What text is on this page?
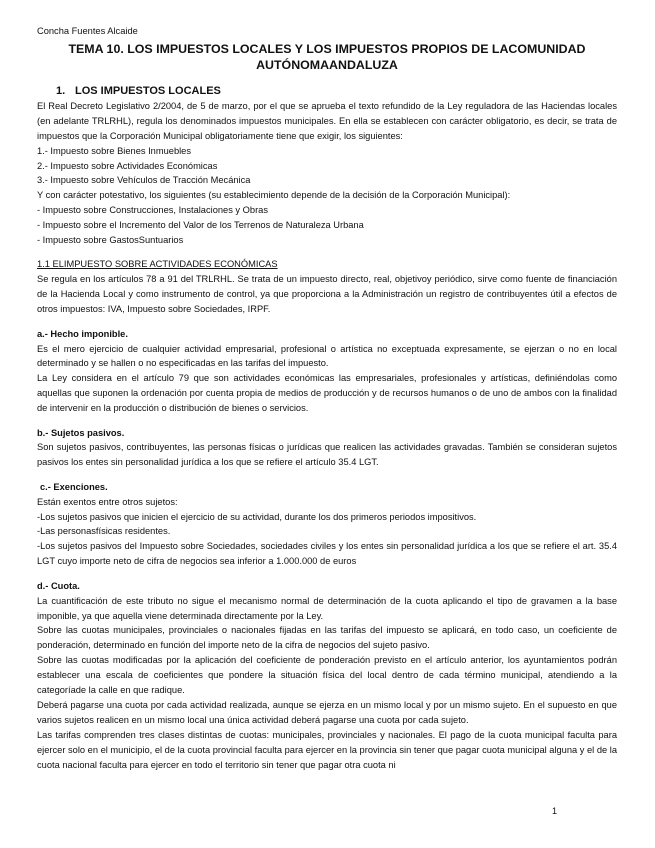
Concha Fuentes Alcaide

TEMA 10. LOS IMPUESTOS LOCALES Y LOS IMPUESTOS PROPIOS DE LACOMUNIDAD AUTÓNOMAANDALUZA
1. LOS IMPUESTOS LOCALES

El Real Decreto Legislativo 2/2004, de 5 de marzo, por el que se aprueba el texto refundido de la Ley reguladora de las Haciendas locales (en adelante TRLRHL), regula los denominados impuestos municipales. En ella se establecen con carácter obligatorio, es decir, se trata de impuestos que la Corporación Municipal obligatoriamente tiene que exigir, los siguientes:

1.- Impuesto sobre Bienes Inmuebles

2.- Impuesto sobre Actividades Económicas

3.- Impuesto sobre Vehículos de Tracción Mecánica

Y con carácter potestativo, los siguientes (su establecimiento depende de la decisión de la Corporación Municipal):

- Impuesto sobre Construcciones, Instalaciones y Obras

- Impuesto sobre el Incremento del Valor de los Terrenos de Naturaleza Urbana

- Impuesto sobre GastosSuntuarios

1.1 ELIMPUESTO SOBRE ACTIVIDADES ECONÓMICAS

Se regula en los artículos 78 a 91 del TRLRHL. Se trata de un impuesto directo, real, objetivoy periódico, sirve como fuente de financiación de la Hacienda Local y como instrumento de control, ya que proporciona a la Administración un registro de contribuyentes útil a efectos de otros impuestos: IVA, Impuesto sobre Sociedades, IRPF.

a.- Hecho imponible.

Es el mero ejercicio de cualquier actividad empresarial, profesional o artística no exceptuada expresamente, se ejerzan o no en local determinado y se hallen o no especificadas en las tarifas del impuesto.

La Ley considera en el artículo 79 que son actividades económicas las empresariales, profesionales y artísticas, definiéndolas como aquellas que suponen la ordenación por cuenta propia de medios de producción y de recursos humanos o de uno de ambos con la finalidad de intervenir en la producción o distribución de bienes o servicios.

b.- Sujetos pasivos.

Son sujetos pasivos, contribuyentes, las personas físicas o jurídicas que realicen las actividades gravadas. También se consideran sujetos pasivos los entes sin personalidad jurídica a los que se refiere el artículo 35.4 LGT.

c.- Exenciones.

Están exentos entre otros sujetos:

-Los sujetos pasivos que inicien el ejercicio de su actividad, durante los dos primeros periodos impositivos.

-Las personasfísicas residentes.

-Los sujetos pasivos del Impuesto sobre Sociedades, sociedades civiles y los entes sin personalidad jurídica a los que se refiere el art. 35.4 LGT cuyo importe neto de cifra de negocios sea inferior a 1.000.000 de euros

d.- Cuota.

La cuantificación de este tributo no sigue el mecanismo normal de determinación de la cuota aplicando el tipo de gravamen a la base imponible, ya que aquella viene determinada directamente por la Ley.

Sobre las cuotas municipales, provinciales o nacionales fijadas en las tarifas del impuesto se aplicará, en todo caso, un coeficiente de ponderación, determinado en función del importe neto de la cifra de negocios del sujeto pasivo.

Sobre las cuotas modificadas por la aplicación del coeficiente de ponderación previsto en el artículo anterior, los ayuntamientos podrán establecer una escala de coeficientes que pondere la situación física del local dentro de cada término municipal, atendiendo a la categoríade la calle en que radique.

Deberá pagarse una cuota por cada actividad realizada, aunque se ejerza en un mismo local y por un mismo sujeto. En el supuesto en que varios sujetos realicen en un mismo local una única actividad deberá pagarse una cuota por cada sujeto.

Las tarifas comprenden tres clases distintas de cuotas: municipales, provinciales y nacionales. El pago de la cuota municipal faculta para ejercer solo en el municipio, el de la cuota provincial faculta para ejercer en la provincia sin tener que pagar cuota municipal alguna y el de la cuota nacional faculta para ejercer en todo el territorio sin tener que pagar otra cuota ni

1
